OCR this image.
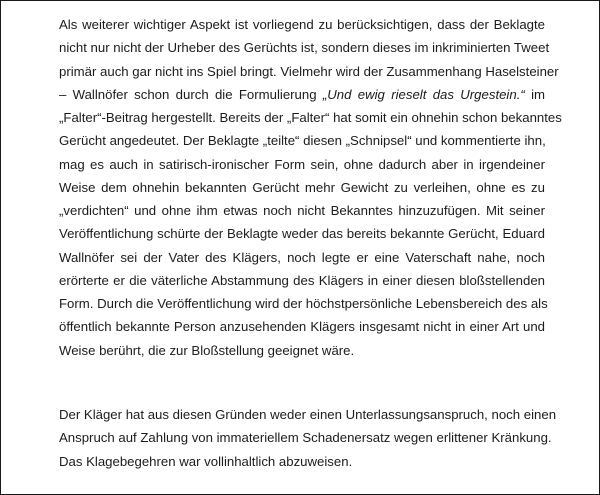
Als weiterer wichtiger Aspekt ist vorliegend zu berücksichtigen, dass der Beklagte
nicht nur nicht der Urheber des Gerüchts ist, sondern dieses im inkriminierten Tweet
primär auch gar nicht ins Spiel bringt. Vielmehr wird der Zusammenhang Haselsteiner
– Wallnöfer schon durch die Formulierung „Und ewig rieselt das Urgestein.“ im
„Falter“-Beitrag hergestellt. Bereits der „Falter“ hat somit ein ohnehin schon bekanntes
Gerücht angedeutet. Der Beklagte „teilte“ diesen „Schnipsel“ und kommentierte ihn,
mag es auch in satirisch-ironischer Form sein, ohne dadurch aber in irgendeiner
Weise dem ohnehin bekannten Gerücht mehr Gewicht zu verleihen, ohne es zu
„verdichten“ und ohne ihm etwas noch nicht Bekanntes hinzuzufügen. Mit seiner
Veröffentlichung schürte der Beklagte weder das bereits bekannte Gerücht, Eduard
Wallnöfer sei der Vater des Klägers, noch legte er eine Vaterschaft nahe, noch
erörterte er die väterliche Abstammung des Klägers in einer diesen bloßstellenden
Form. Durch die Veröffentlichung wird der höchstpersönliche Lebensbereich des als
öffentlich bekannte Person anzusehenden Klägers insgesamt nicht in einer Art und
Weise berührt, die zur Bloßstellung geeignet wäre.
Der Kläger hat aus diesen Gründen weder einen Unterlassungsanspruch, noch einen
Anspruch auf Zahlung von immateriellem Schadenersatz wegen erlittener Kränkung.
Das Klagebegehren war vollinhaltlich abzuweisen.
